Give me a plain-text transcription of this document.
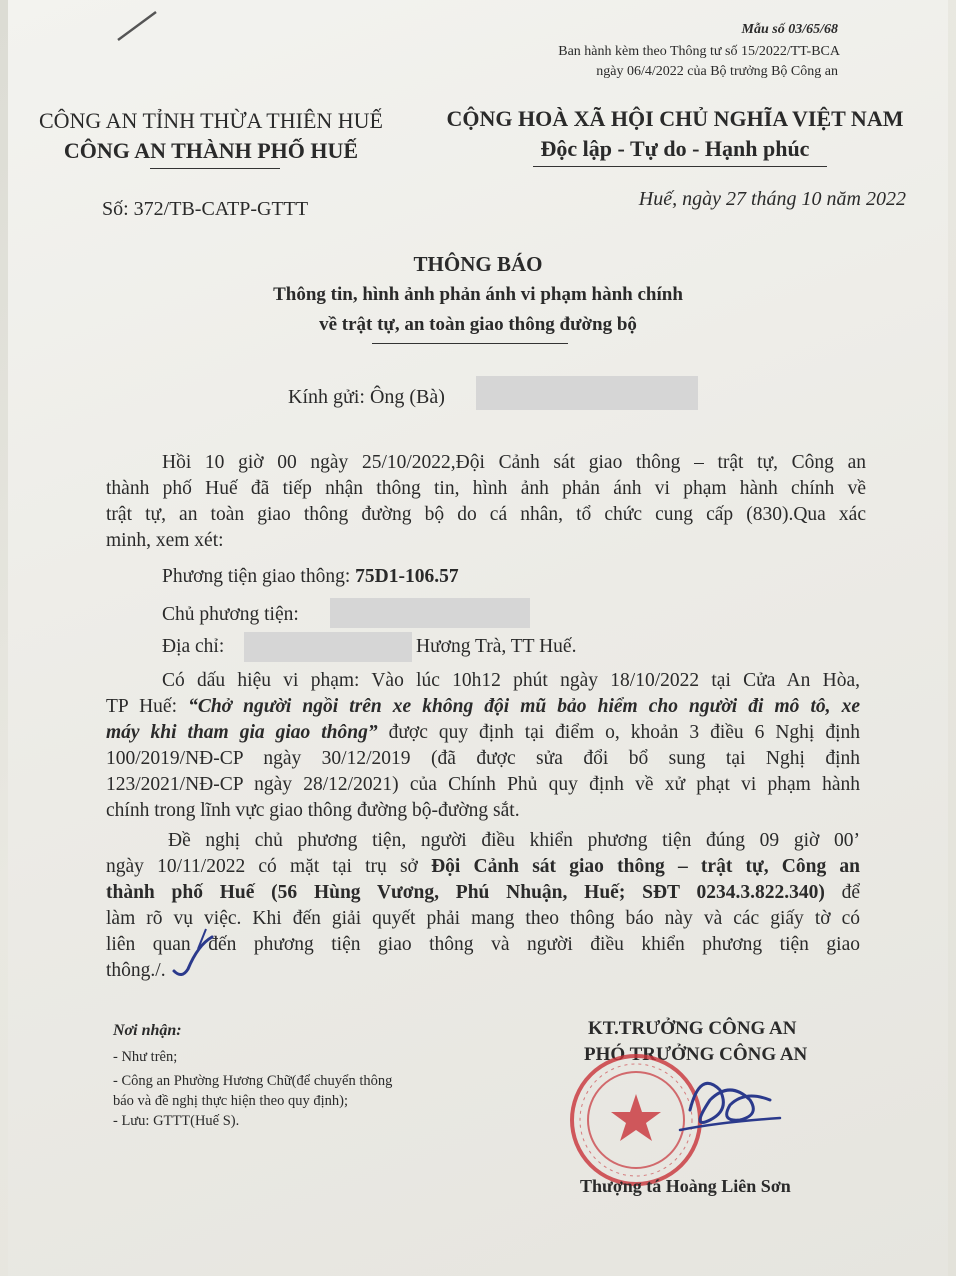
Mẫu số 03/65/68
Ban hành kèm theo Thông tư số 15/2022/TT-BCA
ngày 06/4/2022 của Bộ trưởng Bộ Công an
CÔNG AN TỈNH THỪA THIÊN HUẾ
CÔNG AN THÀNH PHỐ HUẾ
CỘNG HOÀ XÃ HỘI CHỦ NGHĨA VIỆT NAM
Độc lập - Tự do - Hạnh phúc
Số: 372/TB-CATP-GTTT	Huế, ngày 27 tháng 10 năm 2022
THÔNG BÁO
Thông tin, hình ảnh phản ánh vi phạm hành chính
về trật tự, an toàn giao thông đường bộ
Kính gửi: Ông (Bà)
Hồi 10 giờ 00 ngày 25/10/2022,Đội Cảnh sát giao thông – trật tự, Công an
thành phố Huế đã tiếp nhận thông tin, hình ảnh phản ánh vi phạm hành chính về
trật tự, an toàn giao thông đường bộ do cá nhân, tổ chức cung cấp (830).Qua xác
minh, xem xét:
Phương tiện giao thông: 75D1-106.57
Chủ phương tiện:
Địa chỉ:	Hương Trà, TT Huế.
Có dấu hiệu vi phạm: Vào lúc 10h12 phút ngày 18/10/2022 tại Cửa An Hòa,
TP Huế: “Chở người ngồi trên xe không đội mũ bảo hiểm cho người đi mô tô, xe
máy khi tham gia giao thông” được quy định tại điểm o, khoản 3 điều 6 Nghị định
100/2019/NĐ-CP ngày 30/12/2019 (đã được sửa đổi bổ sung tại Nghị định
123/2021/NĐ-CP ngày 28/12/2021) của Chính Phủ quy định về xử phạt vi phạm hành
chính trong lĩnh vực giao thông đường bộ-đường sắt.
Đề nghị chủ phương tiện, người điều khiển phương tiện đúng 09 giờ 00’
ngày 10/11/2022 có mặt tại trụ sở Đội Cảnh sát giao thông – trật tự, Công an
thành phố Huế (56 Hùng Vương, Phú Nhuận, Huế; SĐT 0234.3.822.340) để
làm rõ vụ việc. Khi đến giải quyết phải mang theo thông báo này và các giấy tờ có
liên quan đến phương tiện giao thông và người điều khiển phương tiện giao
thông./.
Nơi nhận:
- Như trên;
- Công an Phường Hương Chữ(để chuyển thông
báo và đề nghị thực hiện theo quy định);
- Lưu: GTTT(Huế S).
KT.TRƯỞNG CÔNG AN
PHÓ TRƯỞNG CÔNG AN
Thượng tá Hoàng Liên Sơn
